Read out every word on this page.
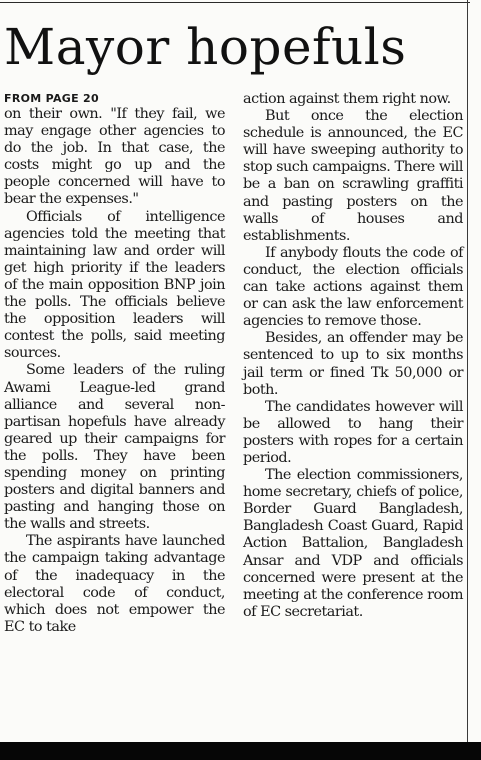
Mayor hopefuls
FROM PAGE 20

on their own. "If they fail, we may engage other agencies to do the job. In that case, the costs might go up and the people concerned will have to bear the expenses."

Officials of intelligence agencies told the meeting that maintaining law and order will get high priority if the leaders of the main opposition BNP join the polls. The officials believe the opposition leaders will contest the polls, said meeting sources.

Some leaders of the ruling Awami League-led grand alliance and several non-partisan hopefuls have already geared up their campaigns for the polls. They have been spending money on printing posters and digital banners and pasting and hanging those on the walls and streets.

The aspirants have launched the campaign taking advantage of the inadequacy in the electoral code of conduct, which does not empower the EC to take

action against them right now.

But once the election schedule is announced, the EC will have sweeping authority to stop such campaigns. There will be a ban on scrawling graffiti and pasting posters on the walls of houses and establishments.

If anybody flouts the code of conduct, the election officials can take actions against them or can ask the law enforcement agencies to remove those.

Besides, an offender may be sentenced to up to six months jail term or fined Tk 50,000 or both.

The candidates however will be allowed to hang their posters with ropes for a certain period.

The election commissioners, home secretary, chiefs of police, Border Guard Bangladesh, Bangladesh Coast Guard, Rapid Action Battalion, Bangladesh Ansar and VDP and officials concerned were present at the meeting at the conference room of EC secretariat.
